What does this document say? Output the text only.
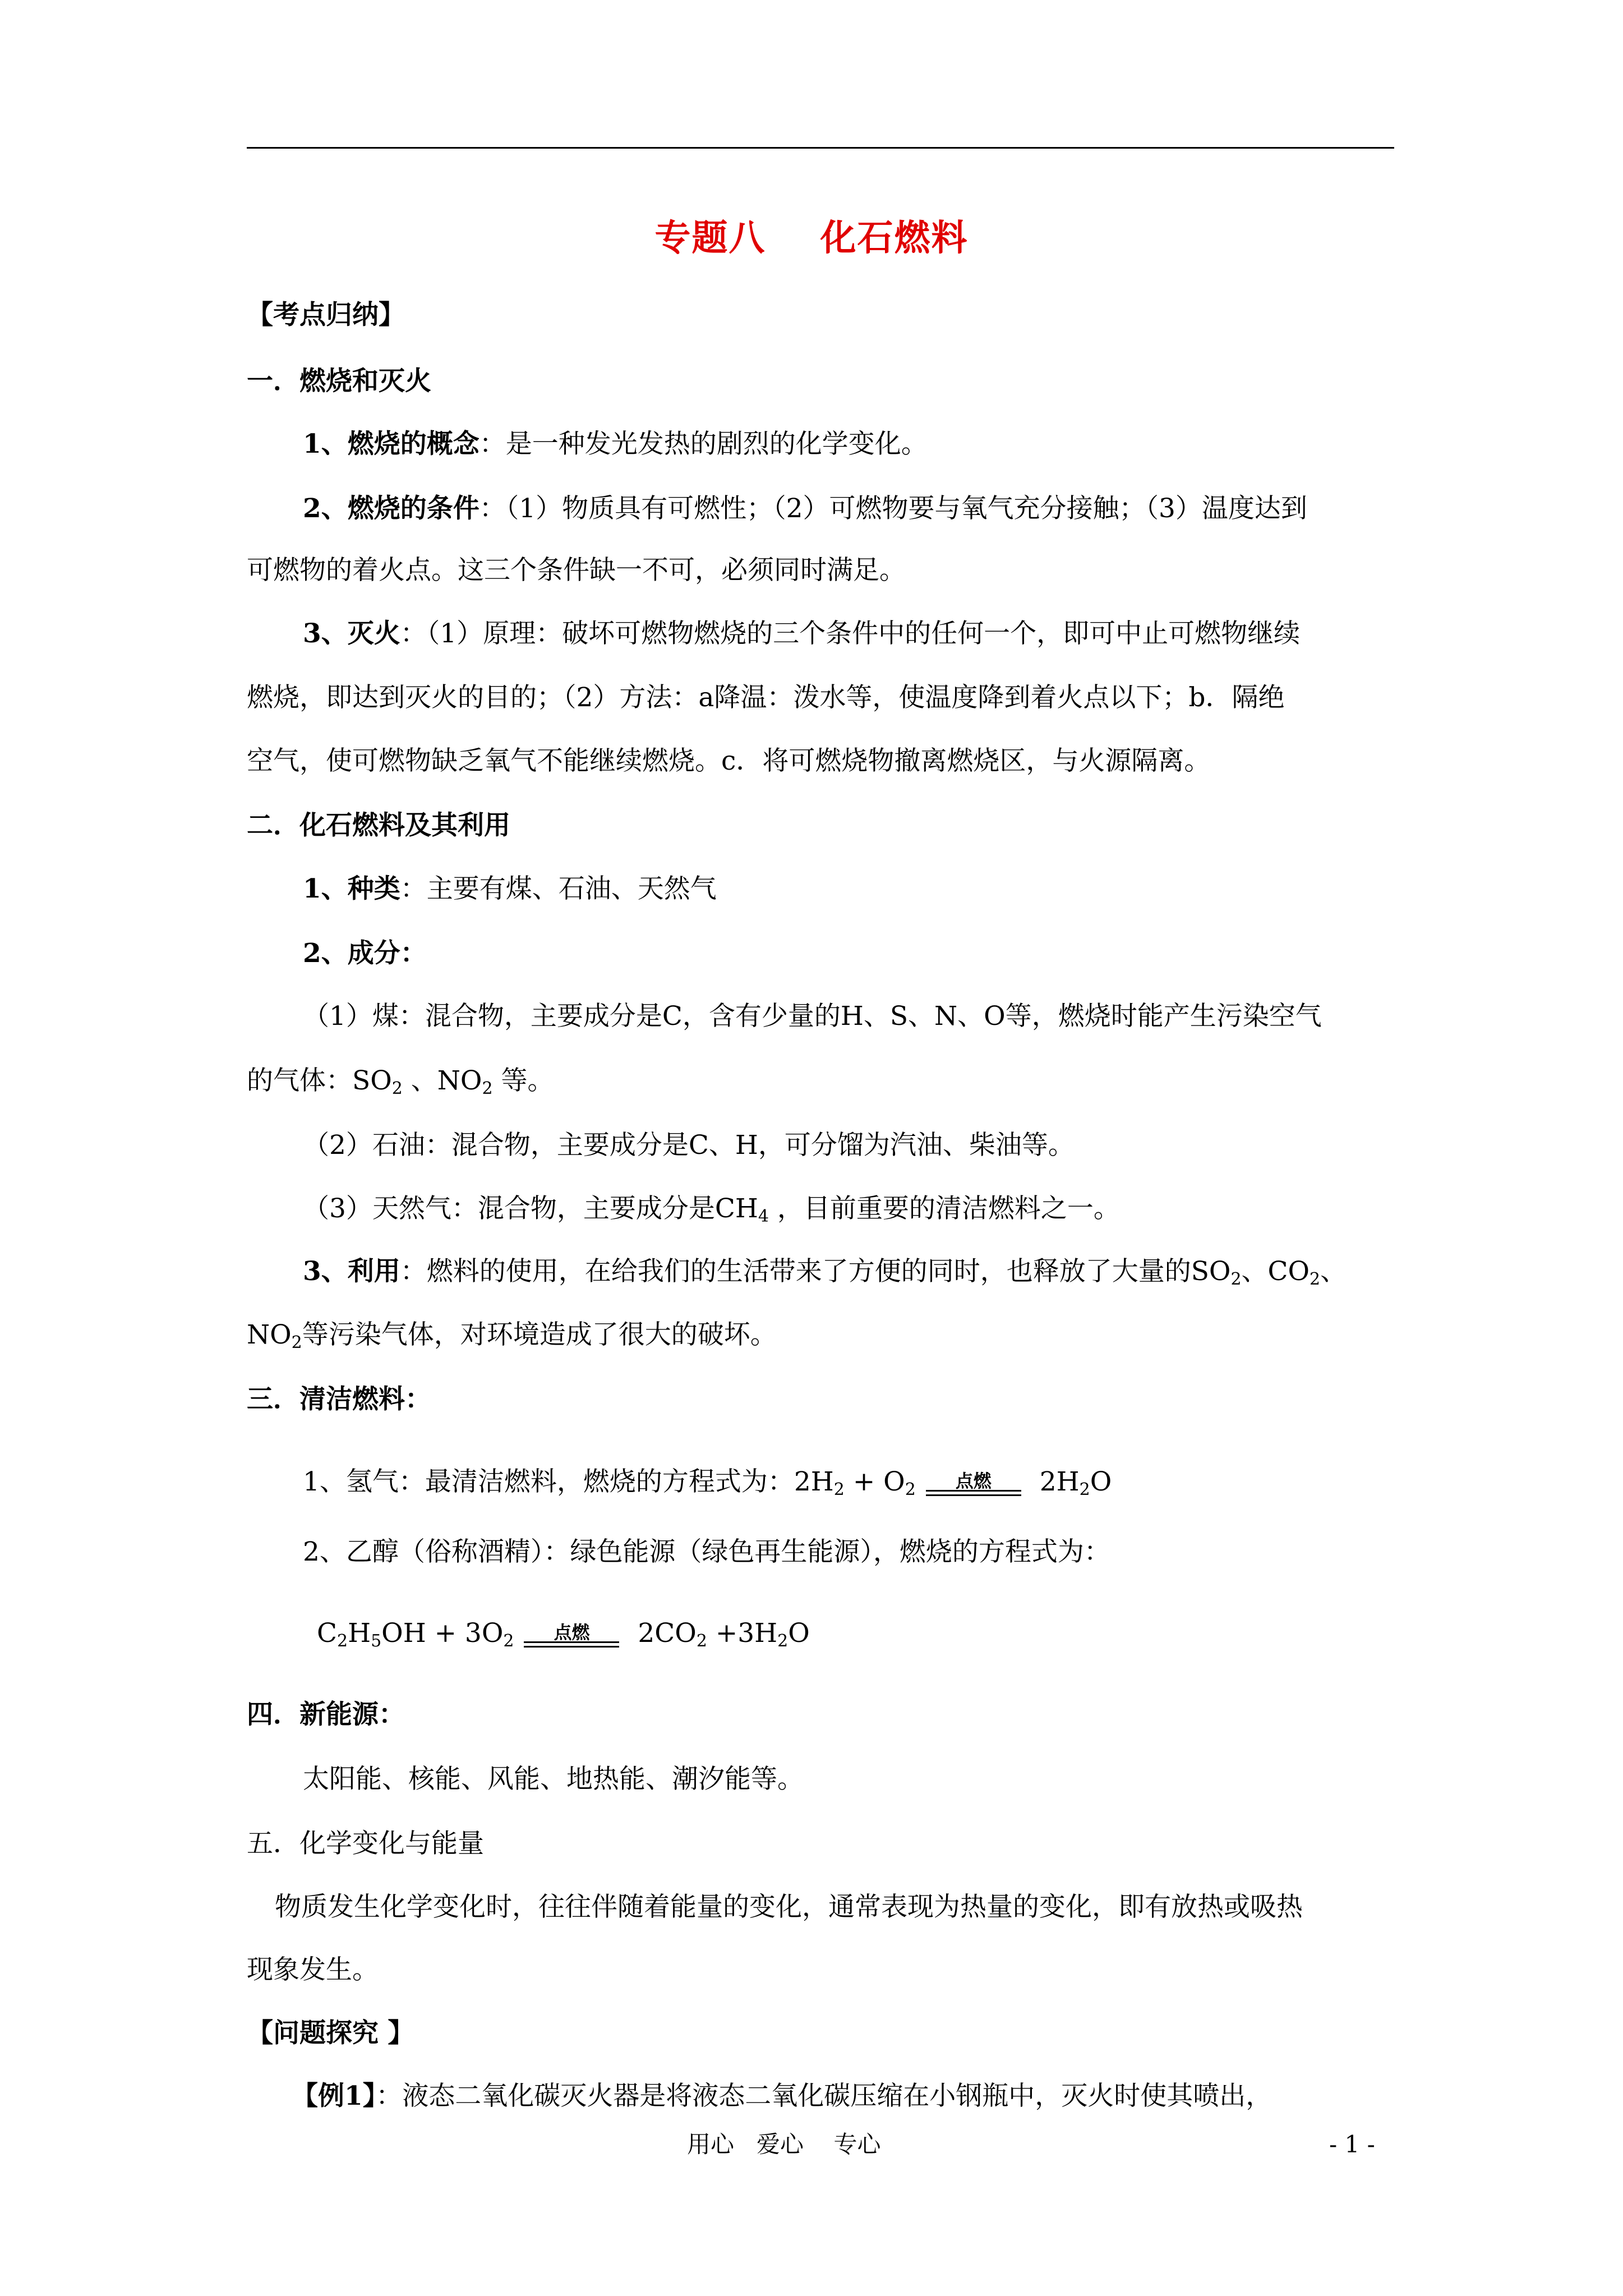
专题八    化石燃料
【考点归纳】
一．燃烧和灭火
1、燃烧的概念：是一种发光发热的剧烈的化学变化。
2、燃烧的条件：（1）物质具有可燃性；（2）可燃物要与氧气充分接触；（3）温度达到
可燃物的着火点。这三个条件缺一不可，必须同时满足。
3、灭火：（1）原理：破坏可燃物燃烧的三个条件中的任何一个，即可中止可燃物继续
燃烧，即达到灭火的目的；（2）方法：a降温：泼水等，使温度降到着火点以下；b．隔绝
空气，使可燃物缺乏氧气不能继续燃烧。c．将可燃烧物撤离燃烧区，与火源隔离。
二．化石燃料及其利用
1、种类：主要有煤、石油、天然气
2、成分：
（1）煤：混合物，主要成分是C，含有少量的H、S、N、O等，燃烧时能产生污染空气
的气体：$SO_2$ 、$NO_2$ 等。
（2）石油：混合物，主要成分是C、H，可分馏为汽油、柴油等。
（3）天然气：混合物，主要成分是$CH_4$ ，目前重要的清洁燃料之一。
3、利用：燃料的使用，在给我们的生活带来了方便的同时，也释放了大量的$SO_2$、$CO_2$、
$NO_2$等污染气体，对环境造成了很大的破坏。
三．清洁燃料：
1、氢气：最清洁燃料，燃烧的方程式为：$2H_2 + O_2$ 点燃 $2H_2O$
2、乙醇（俗称酒精）：绿色能源（绿色再生能源），燃烧的方程式为：
$C_2H_5OH + 3O_2$ 点燃 $2CO_2 +3H_2O$
四．新能源：
太阳能、核能、风能、地热能、潮汐能等。
五．化学变化与能量
物质发生化学变化时，往往伴随着能量的变化，通常表现为热量的变化，即有放热或吸热
现象发生。
【问题探究 】
【例1】：液态二氧化碳灭火器是将液态二氧化碳压缩在小钢瓶中，灭火时使其喷出，
用心   爱心    专心	- 1 -
